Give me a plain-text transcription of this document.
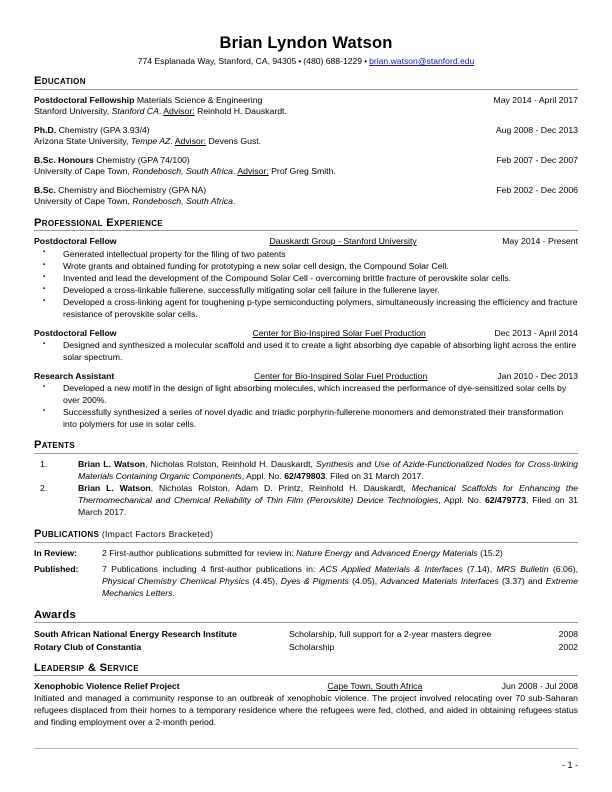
Brian Lyndon Watson
774 Esplanada Way, Stanford, CA, 94305 • (480) 688-1229 • brian.watson@stanford.edu
Education
Postdoctoral Fellowship Materials Science & Engineering	May 2014 - April 2017
Stanford University, Stanford CA. Advisor: Reinhold H. Dauskardt.
Ph.D. Chemistry (GPA 3.93/4)	Aug 2008 - Dec 2013
Arizona State University, Tempe AZ. Advisor: Devens Gust.
B.Sc. Honours Chemistry (GPA 74/100)	Feb 2007 - Dec 2007
University of Cape Town, Rondebosch, South Africa. Advisor: Prof Greg Smith.
B.Sc. Chemistry and Biochemistry (GPA NA)	Feb 2002 - Dec 2006
University of Cape Town, Rondebosch, South Africa.
Professional Experience
Postdoctoral Fellow	Dauskardt Group - Stanford University	May 2014 - Present
▪ Generated intellectual property for the filing of two patents
▪ Wrote grants and obtained funding for prototyping a new solar cell design, the Compound Solar Cell.
▪ Invented and lead the development of the Compound Solar Cell - overcoming brittle fracture of perovskite solar cells.
▪ Developed a cross-linkable fullerene, successfully mitigating solar cell failure in the fullerene layer.
▪ Developed a cross-linking agent for toughening p-type semiconducting polymers, simultaneously increasing the efficiency and fracture resistance of perovskite solar cells.
Postdoctoral Fellow	Center for Bio-Inspired Solar Fuel Production	Dec 2013 - April 2014
▪ Designed and synthesized a molecular scaffold and used it to create a light absorbing dye capable of absorbing light across the entire solar spectrum.
Research Assistant	Center for Bio-Inspired Solar Fuel Production	Jan 2010 - Dec 2013
▪ Developed a new motif in the design of light absorbing molecules, which increased the performance of dye-sensitized solar cells by over 200%.
▪ Successfully synthesized a series of novel dyadic and triadic porphyrin-fullerene monomers and demonstrated their transformation into polymers for use in solar cells.
Patents
1.	Brian L. Watson, Nicholas Rolston, Reinhold H. Dauskardt, Synthesis and Use of Azide-Functionalized Nodes for Cross-linking Materials Containing Organic Components, Appl. No. 62/479803. Filed on 31 March 2017.
2.	Brian L. Watson, Nicholas Rolston, Adam D. Printz, Reinhold H. Dauskardt, Mechanical Scaffolds for Enhancing the Thermomechanical and Chemical Reliability of Thin Film (Perovskite) Device Technologies, Appl. No. 62/479773, Filed on 31 March 2017.
Publications (Impact Factors Bracketed)
In Review:	2 First-author publications submitted for review in: Nature Energy and Advanced Energy Materials (15.2)
Published:	7 Publications including 4 first-author publications in: ACS Applied Materials & Interfaces (7.14), MRS Bulletin (6.06), Physical Chemistry Chemical Physics (4.45), Dyes & Pigments (4.05), Advanced Materials Interfaces (3.37) and Extreme Mechanics Letters.
Awards
South African National Energy Research Institute	Scholarship, full support for a 2-year masters degree	2008
Rotary Club of Constantia	Scholarship	2002
Leadersip & Service
Xenophobic Violence Relief Project	Cape Town, South Africa	Jun 2008 - Jul 2008
Initiated and managed a community response to an outbreak of xenophobic violence. The project involved relocating over 70 sub-Saharan refugees displaced from their homes to a temporary residence where the refugees were fed, clothed, and aided in obtaining refugees status and finding employment over a 2-month period.
- 1 -
